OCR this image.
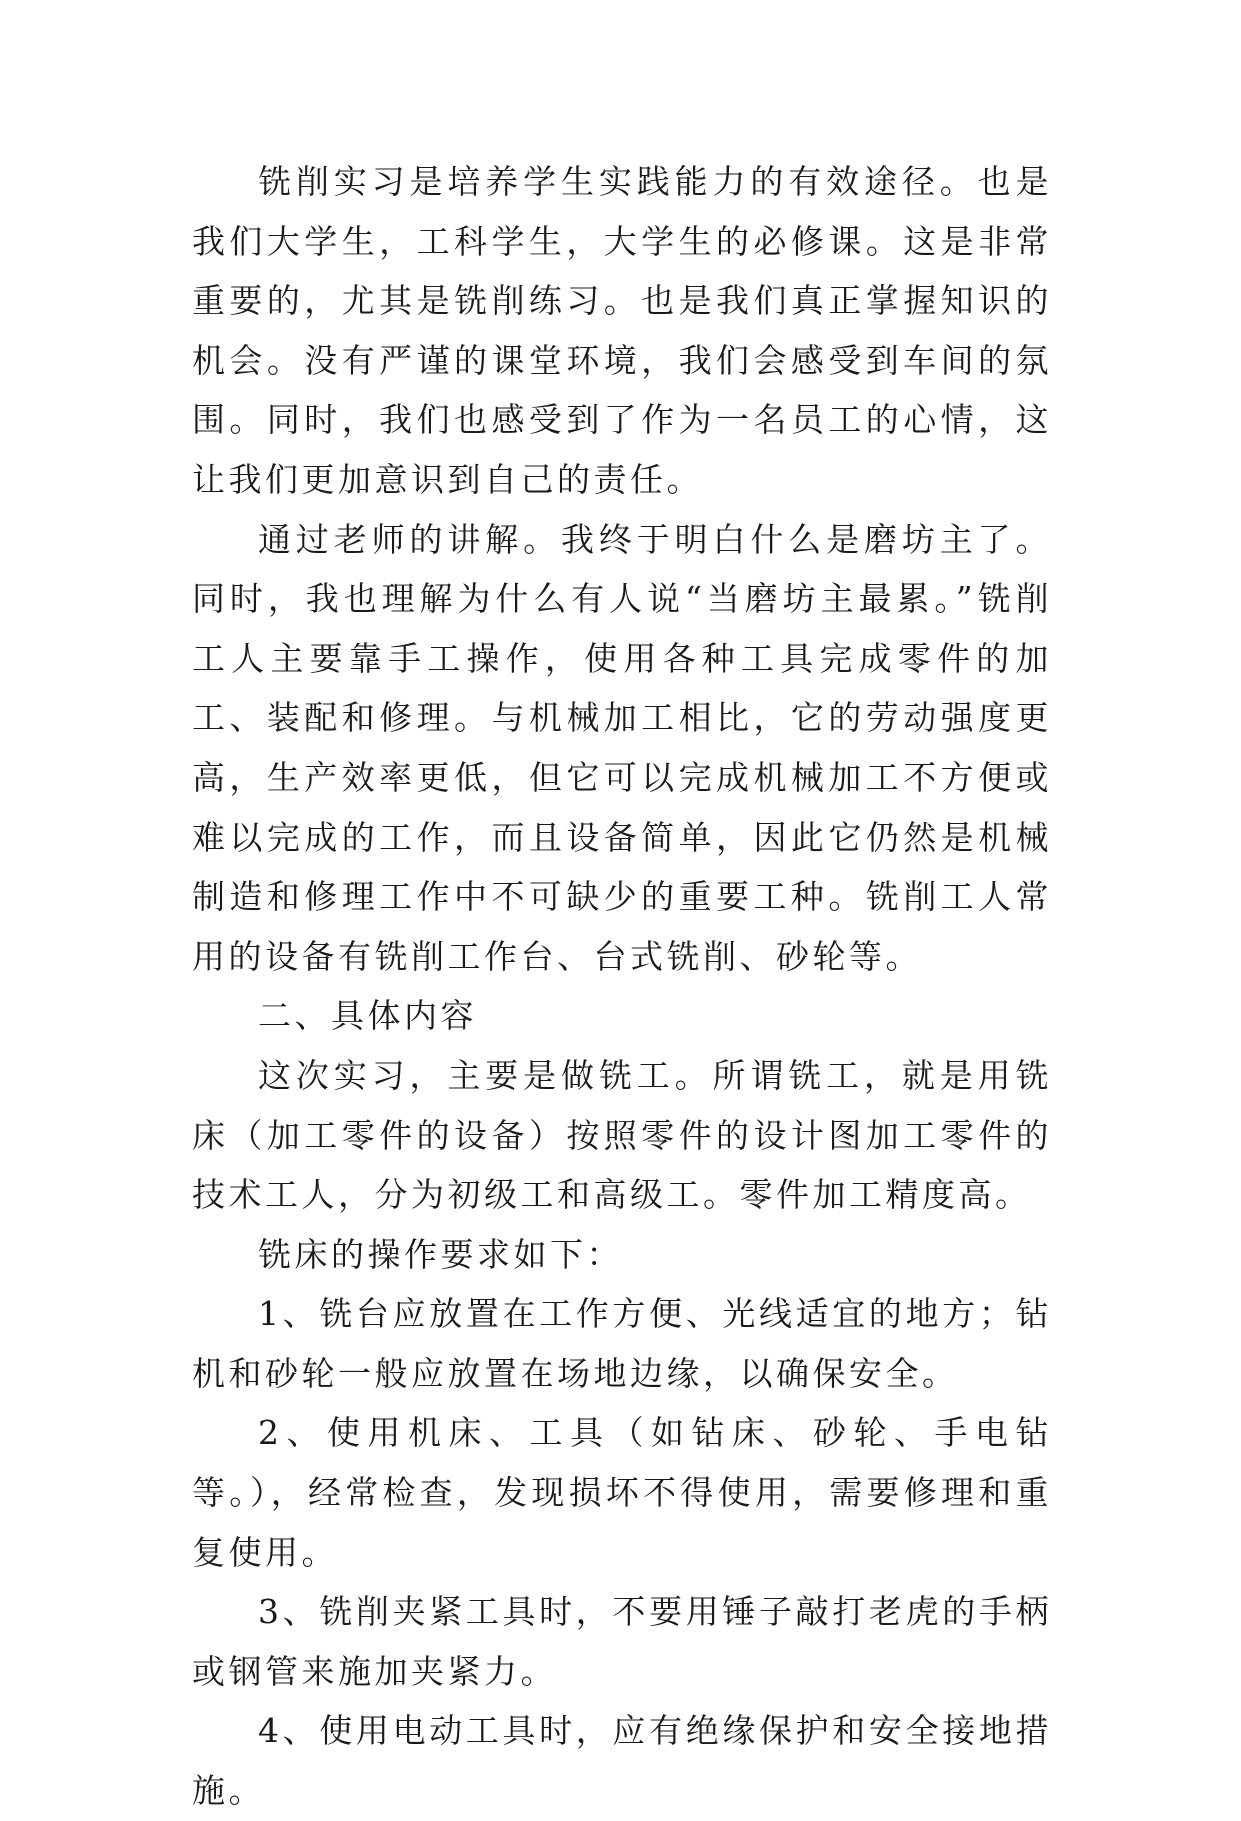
铣削实习是培养学生实践能力的有效途径。也是我们大学生，工科学生，大学生的必修课。这是非常重要的，尤其是铣削练习。也是我们真正掌握知识的机会。没有严谨的课堂环境，我们会感受到车间的氛围。同时，我们也感受到了作为一名员工的心情，这让我们更加意识到自己的责任。

通过老师的讲解。我终于明白什么是磨坊主了。同时，我也理解为什么有人说“当磨坊主最累。”铣削工人主要靠手工操作，使用各种工具完成零件的加工、装配和修理。与机械加工相比，它的劳动强度更高，生产效率更低，但它可以完成机械加工不方便或难以完成的工作，而且设备简单，因此它仍然是机械制造和修理工作中不可缺少的重要工种。铣削工人常用的设备有铣削工作台、台式铣削、砂轮等。

二、具体内容

这次实习，主要是做铣工。所谓铣工，就是用铣床（加工零件的设备）按照零件的设计图加工零件的技术工人，分为初级工和高级工。零件加工精度高。

铣床的操作要求如下：

1、铣台应放置在工作方便、光线适宜的地方；钻机和砂轮一般应放置在场地边缘，以确保安全。

2、使用机床、工具（如钻床、砂轮、手电钻等。），经常检查，发现损坏不得使用，需要修理和重复使用。

3、铣削夹紧工具时，不要用锤子敲打老虎的手柄或钢管来施加夹紧力。

4、使用电动工具时，应有绝缘保护和安全接地措施。
